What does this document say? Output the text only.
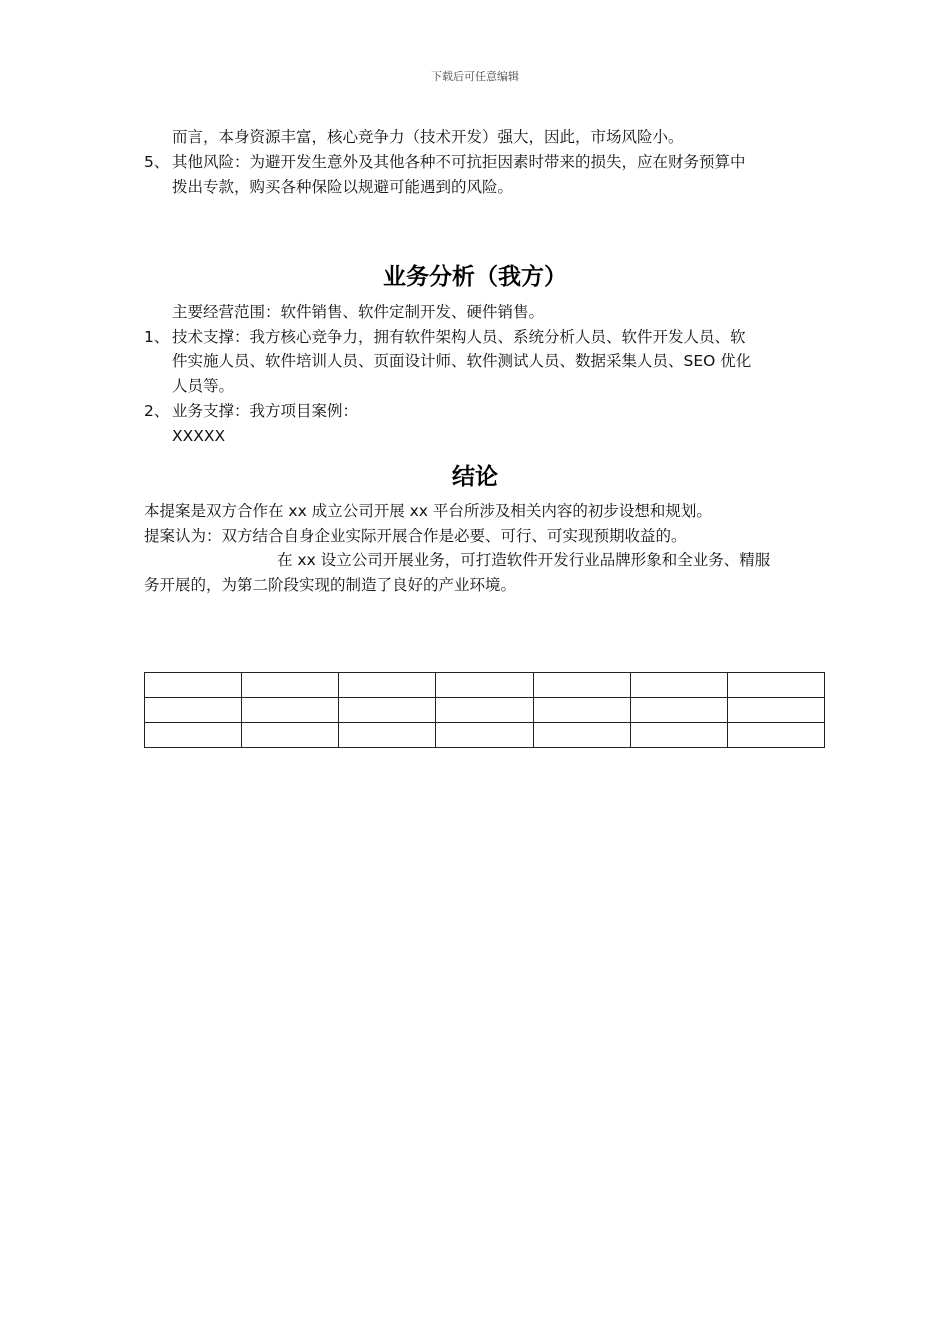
下载后可任意编辑
而言，本身资源丰富，核心竞争力（技术开发）强大，因此，市场风险小。
5、 其他风险：为避开发生意外及其他各种不可抗拒因素时带来的损失，应在财务预算中
拨出专款，购买各种保险以规避可能遇到的风险。
业务分析（我方）
主要经营范围：软件销售、软件定制开发、硬件销售。
1、 技术支撑：我方核心竞争力，拥有软件架构人员、系统分析人员、软件开发人员、软
件实施人员、软件培训人员、页面设计师、软件测试人员、数据采集人员、SEO 优化
人员等。
2、 业务支撑：我方项目案例：
XXXXX
结论
本提案是双方合作在 xx 成立公司开展 xx 平台所涉及相关内容的初步设想和规划。
提案认为：双方结合自身企业实际开展合作是必要、可行、可实现预期收益的。
在 xx 设立公司开展业务，可打造软件开发行业品牌形象和全业务、精服
务开展的，为第二阶段实现的制造了良好的产业环境。
